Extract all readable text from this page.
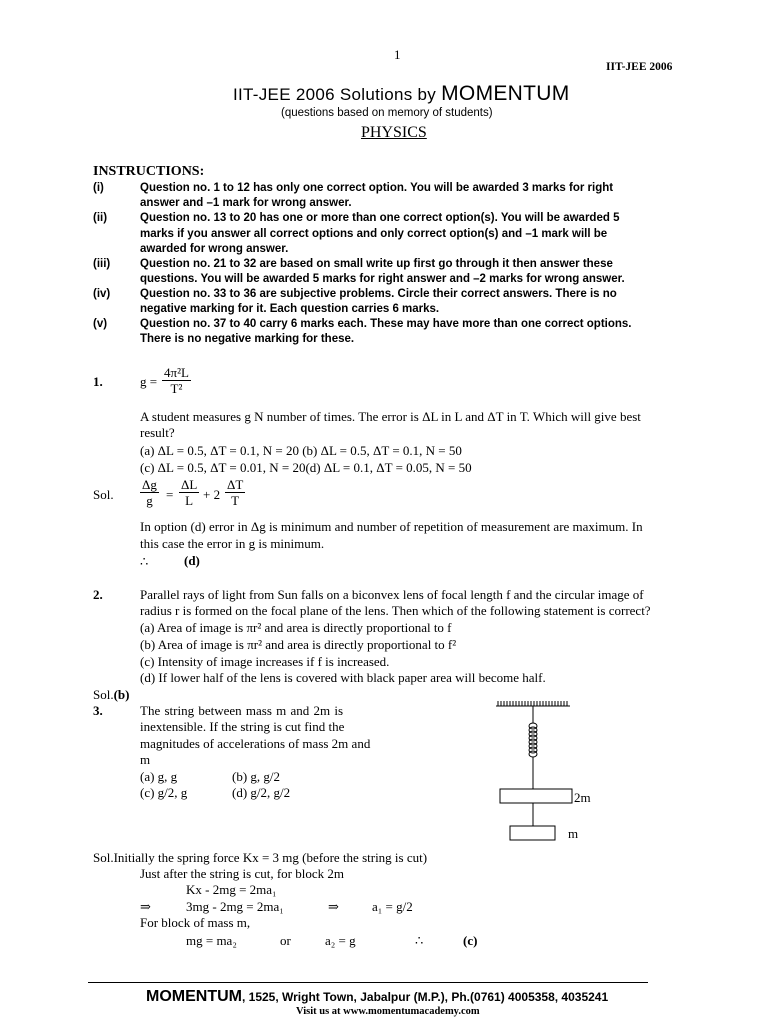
1
IIT-JEE 2006
IIT-JEE 2006 Solutions by MOMENTUM
(questions based on memory of students)
PHYSICS
INSTRUCTIONS:
(i)	Question no. 1 to 12 has only one correct option. You will be awarded 3 marks for right
answer and –1 mark for wrong answer.
(ii)	Question no. 13 to 20 has one or more than one correct option(s). You will be awarded 5
marks if you answer all correct options and only correct option(s) and –1 mark will be
awarded for wrong answer.
(iii)	Question no. 21 to 32 are based on small write up first go through it then answer these
questions. You will be awarded 5 marks for right answer and –2 marks for wrong answer.
(iv)	Question no. 33 to 36 are subjective problems. Circle their correct answers. There is no
negative marking for it. Each question carries 6 marks.
(v)	Question no. 37 to 40 carry 6 marks each. These may have more than one correct options.
There is no negative marking for these.
1.	$g = \frac{\text{4π²L}}{\text{T²}}$
A student measures g N number of times. The error is ΔL in L and ΔT in T. Which will give best
result?
(a) ΔL = 0.5, ΔT = 0.1, N = 20 (b) ΔL = 0.5, ΔT = 0.1, N = 50
(c) ΔL = 0.5, ΔT = 0.01, N = 20(d) ΔL = 0.1, ΔT = 0.05, N = 50
Sol. $\frac{\Delta g}{g} = \frac{\Delta L}{L} + 2 \frac{\Delta T}{T}$
In option (d) error in Δg is minimum and number of repetition of measurement are maximum. In
this case the error in g is minimum.
∴	(d)
2.	Parallel rays of light from Sun falls on a biconvex lens of focal length f and the circular image of
radius r is formed on the focal plane of the lens. Then which of the following statement is correct?
(a) Area of image is πr² and area is directly proportional to f
(b) Area of image is πr² and area is directly proportional to f²
(c) Intensity of image increases if f is increased.
(d) If lower half of the lens is covered with black paper area will become half.
Sol.(b)
3.	The string between mass m and 2m is
inextensible. If the string is cut find the
magnitudes of accelerations of mass 2m and
m
(a) g, g	(b) g, g/2
(c) g/2, g	(d) g/2, g/2	2m
m
Sol.Initially the spring force Kx = 3 mg (before the string is cut)
Just after the string is cut, for block 2m
Kx - 2mg = 2ma₁
⇒	3mg - 2mg = 2ma₁	⇒	a₁ = g/2
For block of mass m,
mg = ma₂	or	a₂ = g	∴	(c)
MOMENTUM, 1525, Wright Town, Jabalpur (M.P.), Ph.(0761) 4005358, 4035241
Visit us at www.momentumacademy.com
